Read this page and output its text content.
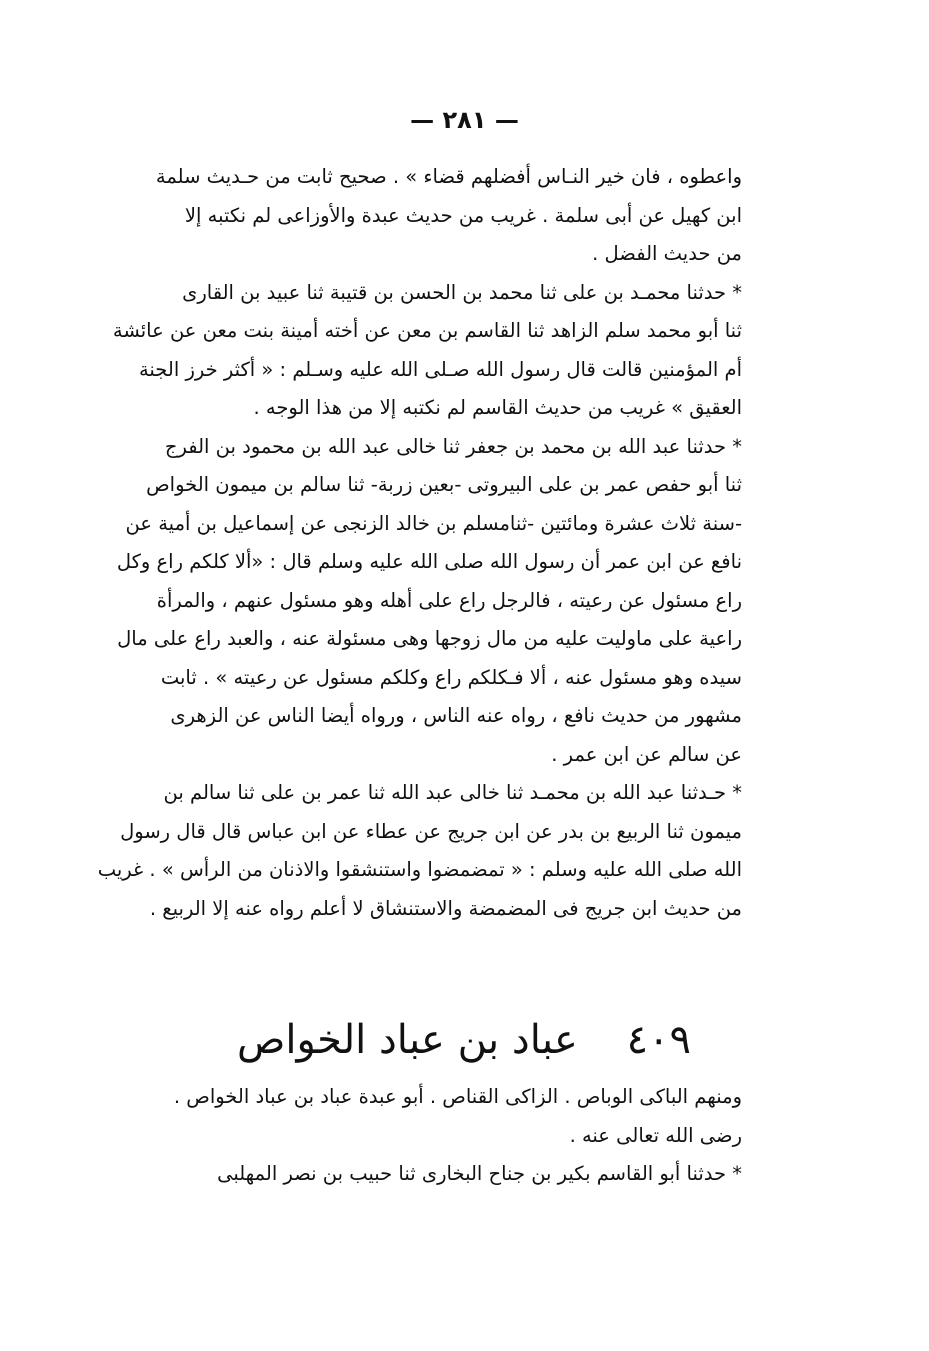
— ٢٨١ —
واعطوه ، فان خير النـاس أفضلهم قضاء » . صحيح ثابت من حـديث سلمة
ابن كهيل عن أبى سلمة . غريب من حديث عبدة والأوزاعى لم نكتبه إلا
من حديث الفضل .
* حدثنا محمـد بن على ثنا محمد بن الحسن بن قتيبة ثنا عبيد بن القارى
ثنا أبو محمد سلم الزاهد ثنا القاسم بن معن عن أخته أمينة بنت معن عن عائشة
أم المؤمنين قالت قال رسول الله صـلى الله عليه وسـلم : « أكثر خرز الجنة
العقيق » غريب من حديث القاسم لم نكتبه إلا من هذا الوجه .
* حدثنا عبد الله بن محمد بن جعفر ثنا خالى عبد الله بن محمود بن الفرج
ثنا أبو حفص عمر بن على البيروتى -بعين زربة- ثنا سالم بن ميمون الخواص
-سنة ثلاث عشرة ومائتين -ثنامسلم بن خالد الزنجى عن إسماعيل بن أمية عن
نافع عن ابن عمر أن رسول الله صلى الله عليه وسلم قال : «ألا كلكم راع وكل
راع مسئول عن رعيته ، فالرجل راع على أهله وهو مسئول عنهم ، والمرأة
راعية على ماوليت عليه من مال زوجها وهى مسئولة عنه ، والعبد راع على مال
سيده وهو مسئول عنه ، ألا فـكلكم راع وكلكم مسئول عن رعيته » . ثابت
مشهور من حديث نافع ، رواه عنه الناس ، ورواه أيضا الناس عن الزهرى
عن سالم عن ابن عمر .
* حـدثنا عبد الله بن محمـد ثنا خالى عبد الله ثنا عمر بن على ثنا سالم بن
ميمون ثنا الربيع بن بدر عن ابن جريج عن عطاء عن ابن عباس قال قال رسول
الله صلى الله عليه وسلم : « تمضمضوا واستنشقوا والاذنان من الرأس » . غريب
من حديث ابن جريج فى المضمضة والاستنشاق لا أعلم رواه عنه إلا الربيع .
٤٠٩ عباد بن عباد الخواص
ومنهم الباكى الوباص . الزاكى القناص . أبو عبدة عباد بن عباد الخواص .
رضى الله تعالى عنه .
* حدثنا أبو القاسم بكير بن جناح البخارى ثنا حبيب بن نصر المهلبى
